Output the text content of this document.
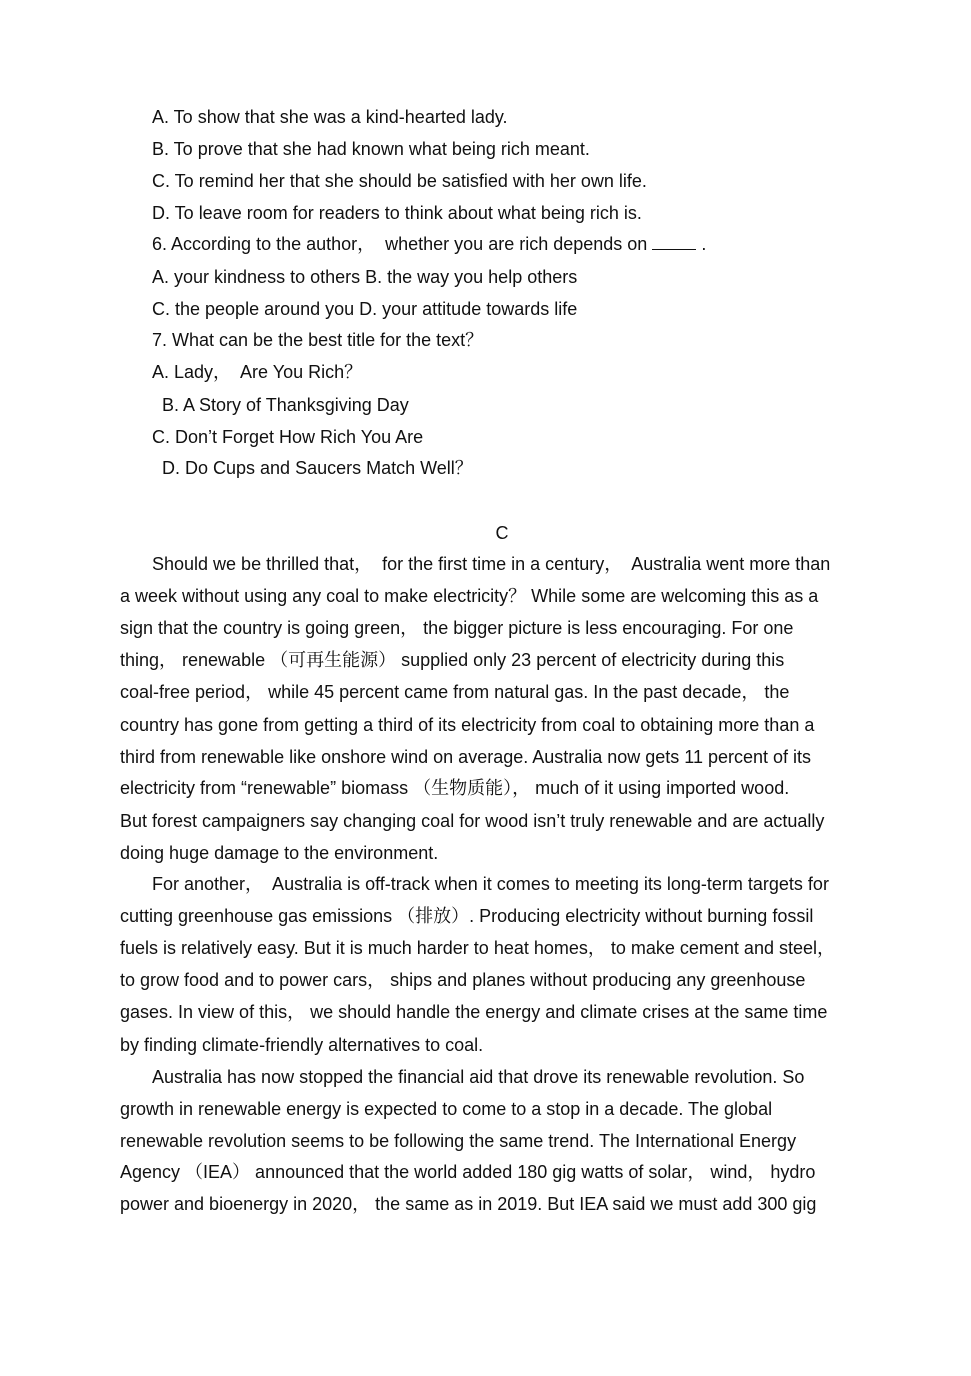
A. To show that she was a kind-hearted lady.
B. To prove that she had known what being rich meant.
C. To remind her that she should be satisfied with her own life.
D. To leave room for readers to think about what being rich is.
6. According to the author，  whether you are rich depends on	.
A. your kindness to others B. the way you help others
C. the people around you D. your attitude towards life
7. What can be the best title for the text？
A. Lady，  Are You Rich？
B. A Story of Thanksgiving Day
C. Don’t Forget How Rich You Are
D. Do Cups and Saucers Match Well？
C
Should we be thrilled that，  for the first time in a century，  Australia went more than
a week without using any coal to make electricity？ While some are welcoming this as a
sign that the country is going green， the bigger picture is less encouraging. For one
thing， renewable （可再生能源） supplied only 23 percent of electricity during this
coal-free period， while 45 percent came from natural gas. In the past decade， the
country has gone from getting a third of its electricity from coal to obtaining more than a
third from renewable like onshore wind on average. Australia now gets 11 percent of its
electricity from “renewable” biomass （生物质能）， much of it using imported wood.
But forest campaigners say changing coal for wood isn’t truly renewable and are actually
doing huge damage to the environment.
For another，  Australia is off-track when it comes to meeting its long-term targets for
cutting greenhouse gas emissions （排放）. Producing electricity without burning fossil
fuels is relatively easy. But it is much harder to heat homes， to make cement and steel，
to grow food and to power cars， ships and planes without producing any greenhouse
gases. In view of this， we should handle the energy and climate crises at the same time
by finding climate-friendly alternatives to coal.
Australia has now stopped the financial aid that drove its renewable revolution. So
growth in renewable energy is expected to come to a stop in a decade. The global
renewable revolution seems to be following the same trend. The International Energy
Agency （IEA） announced that the world added 180 gig watts of solar， wind， hydro
power and bioenergy in 2020， the same as in 2019. But IEA said we must add 300 gig
